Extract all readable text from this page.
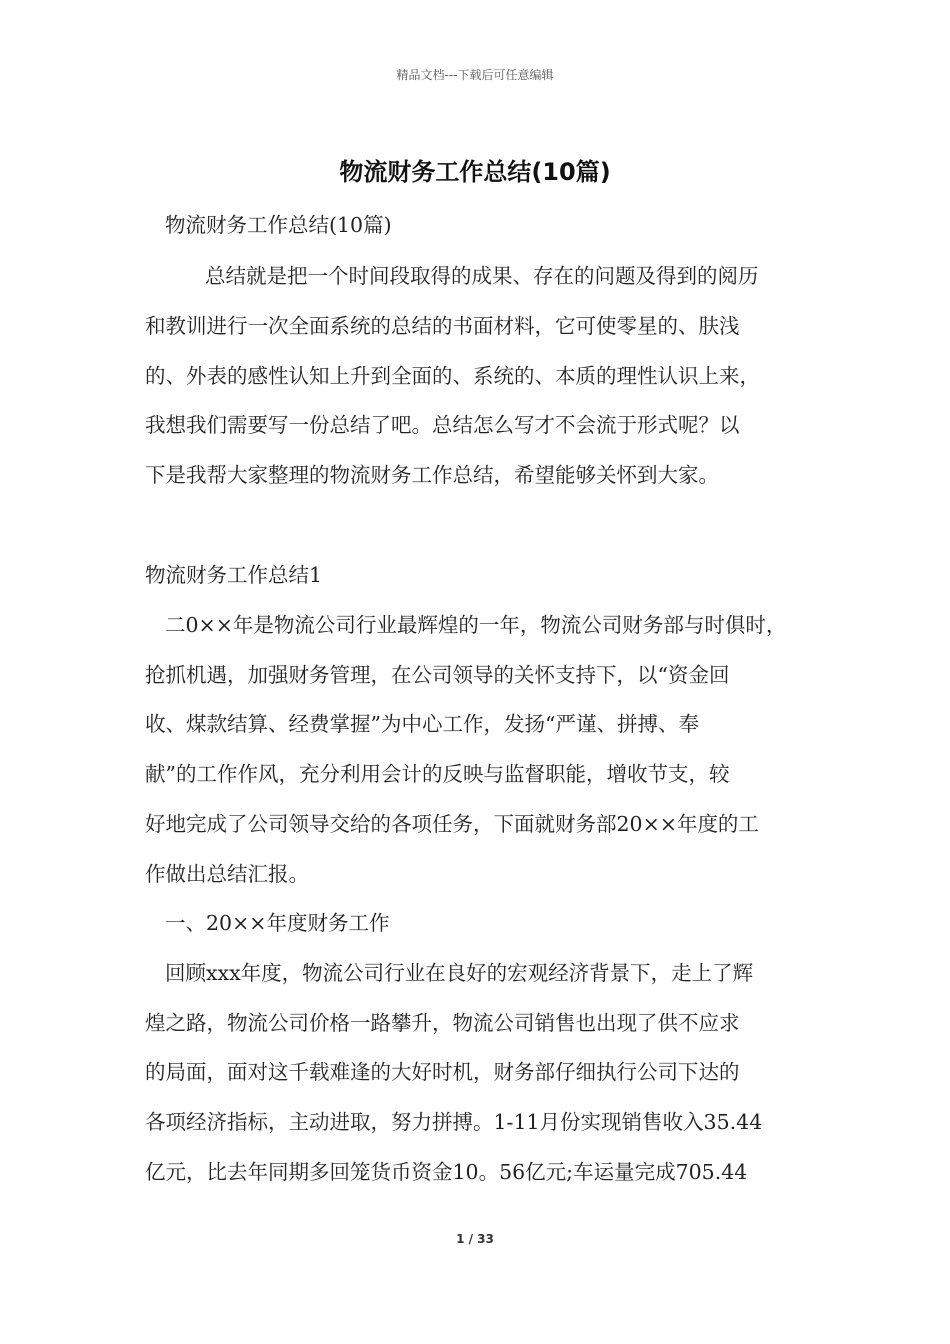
精品文档---下载后可任意编辑
物流财务工作总结(10篇)
物流财务工作总结(10篇)
总结就是把一个时间段取得的成果、存在的问题及得到的阅历
和教训进行一次全面系统的总结的书面材料，它可使零星的、肤浅
的、外表的感性认知上升到全面的、系统的、本质的理性认识上来，
我想我们需要写一份总结了吧。总结怎么写才不会流于形式呢？以
下是我帮大家整理的物流财务工作总结，希望能够关怀到大家。
物流财务工作总结1
二0××年是物流公司行业最辉煌的一年，物流公司财务部与时俱时，
抢抓机遇，加强财务管理，在公司领导的关怀支持下，以“资金回
收、煤款结算、经费掌握”为中心工作，发扬“严谨、拼搏、奉
献”的工作作风，充分利用会计的反映与监督职能，增收节支，较
好地完成了公司领导交给的各项任务，下面就财务部20××年度的工
作做出总结汇报。
一、20××年度财务工作
回顾xxx年度，物流公司行业在良好的宏观经济背景下，走上了辉
煌之路，物流公司价格一路攀升，物流公司销售也出现了供不应求
的局面，面对这千载难逢的大好时机，财务部仔细执行公司下达的
各项经济指标，主动进取，努力拼搏。1-11月份实现销售收入35.44
亿元，比去年同期多回笼货币资金10。56亿元;车运量完成705.44
1 / 33
